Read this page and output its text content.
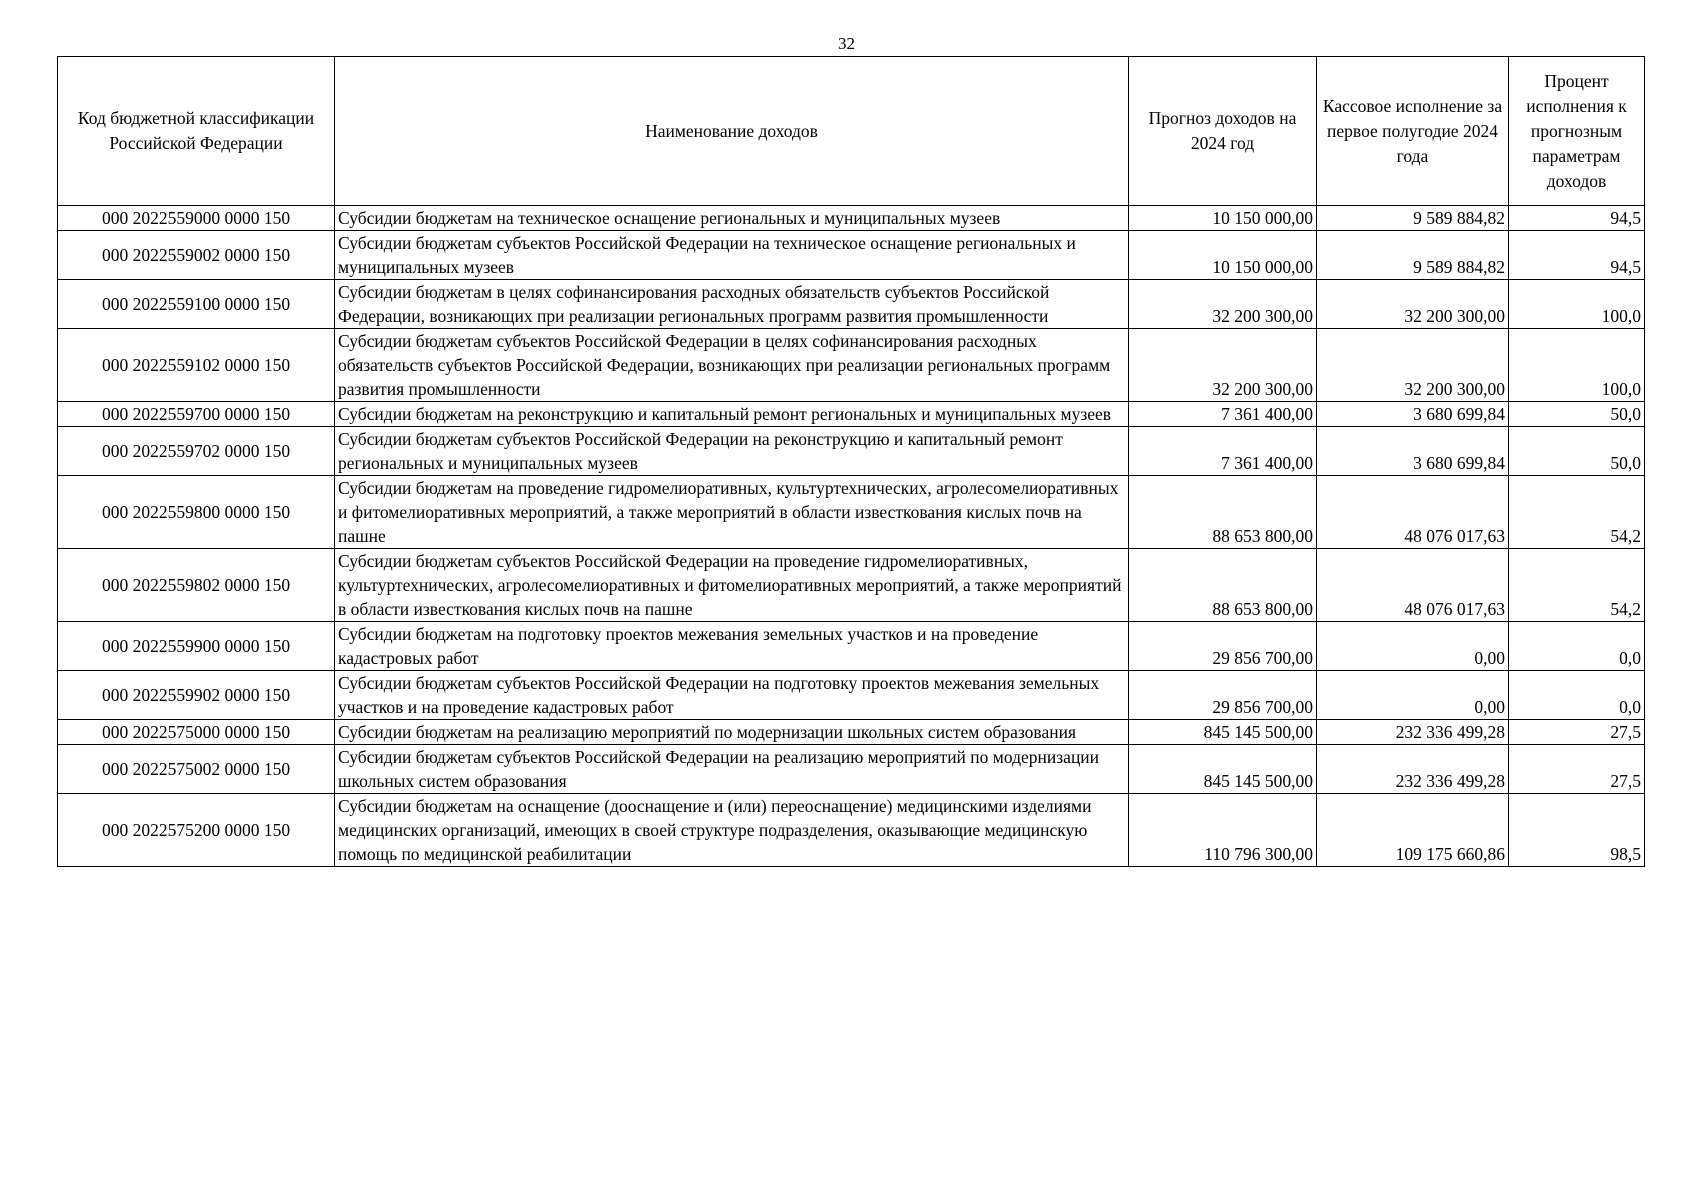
32
Код бюджетной классификации Российской Федерации	Наименование доходов	Прогноз доходов на 2024 год	Кассовое исполнение за первое полугодие 2024 года	Процент исполнения к прогнозным параметрам доходов
000 2022559000 0000 150	Субсидии бюджетам на техническое оснащение региональных и муниципальных музеев	10 150 000,00	9 589 884,82	94,5
000 2022559002 0000 150	Субсидии бюджетам субъектов Российской Федерации на техническое оснащение региональных и муниципальных музеев	10 150 000,00	9 589 884,82	94,5
000 2022559100 0000 150	Субсидии бюджетам в целях софинансирования расходных обязательств субъектов Российской Федерации, возникающих при реализации региональных программ развития промышленности	32 200 300,00	32 200 300,00	100,0
000 2022559102 0000 150	Субсидии бюджетам субъектов Российской Федерации в целях софинансирования расходных обязательств субъектов Российской Федерации, возникающих при реализации региональных программ развития промышленности	32 200 300,00	32 200 300,00	100,0
000 2022559700 0000 150	Субсидии бюджетам на реконструкцию и капитальный ремонт региональных и муниципальных музеев	7 361 400,00	3 680 699,84	50,0
000 2022559702 0000 150	Субсидии бюджетам субъектов Российской Федерации на реконструкцию и капитальный ремонт региональных и муниципальных музеев	7 361 400,00	3 680 699,84	50,0
000 2022559800 0000 150	Субсидии бюджетам на проведение гидромелиоративных, культуртехнических, агролесомелиоративных и фитомелиоративных мероприятий, а также мероприятий в области известкования кислых почв на пашне	88 653 800,00	48 076 017,63	54,2
000 2022559802 0000 150	Субсидии бюджетам субъектов Российской Федерации на проведение гидромелиоративных, культуртехнических, агролесомелиоративных и фитомелиоративных мероприятий, а также мероприятий в области известкования кислых почв на пашне	88 653 800,00	48 076 017,63	54,2
000 2022559900 0000 150	Субсидии бюджетам на подготовку проектов межевания земельных участков и на проведение кадастровых работ	29 856 700,00	0,00	0,0
000 2022559902 0000 150	Субсидии бюджетам субъектов Российской Федерации на подготовку проектов межевания земельных участков и на проведение кадастровых работ	29 856 700,00	0,00	0,0
000 2022575000 0000 150	Субсидии бюджетам на реализацию мероприятий по модернизации школьных систем образования	845 145 500,00	232 336 499,28	27,5
000 2022575002 0000 150	Субсидии бюджетам субъектов Российской Федерации на реализацию мероприятий по модернизации школьных систем образования	845 145 500,00	232 336 499,28	27,5
000 2022575200 0000 150	Субсидии бюджетам на оснащение (дооснащение и (или) переоснащение) медицинскими изделиями медицинских организаций, имеющих в своей структуре подразделения, оказывающие медицинскую помощь по медицинской реабилитации	110 796 300,00	109 175 660,86	98,5
